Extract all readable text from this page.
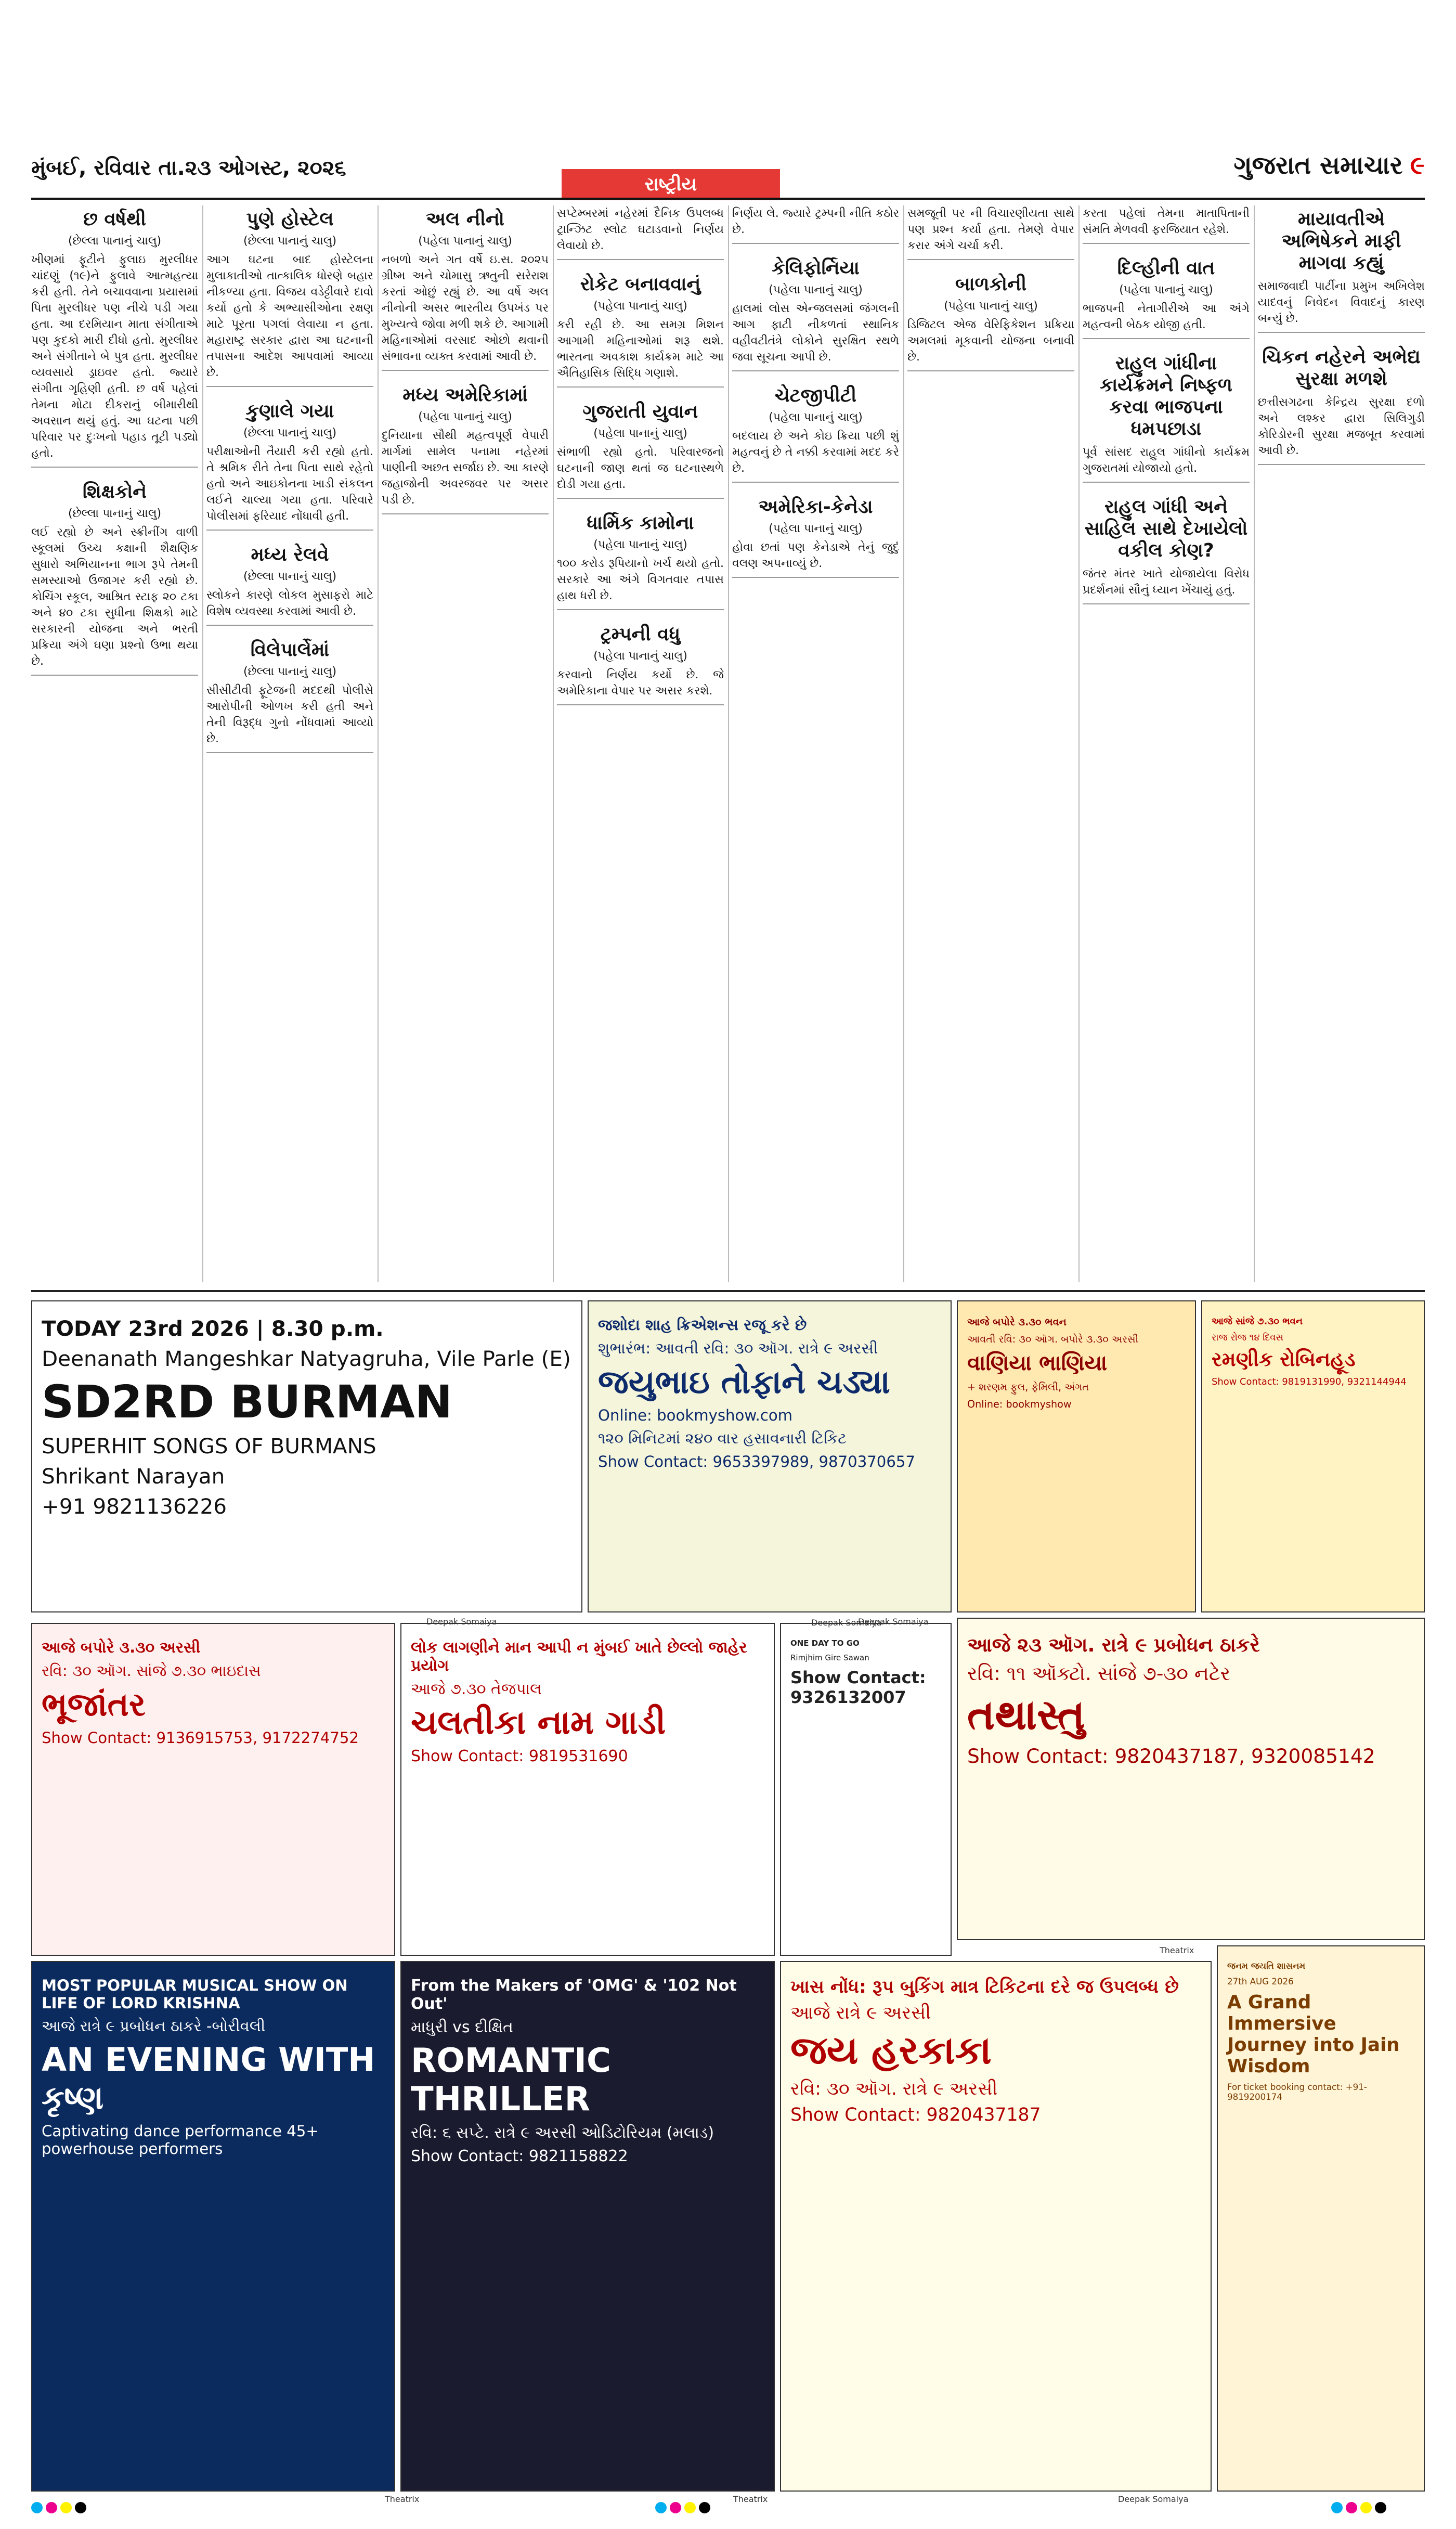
મુંબઈ, રવિવાર તા.૨૩ ઓગસ્ટ, ૨૦૨૬	ગુજરાત સમાચાર ૯
રાષ્ટ્રીય
છ વર્ષથી
(છેલ્લા પાનાનું ચાલુ)

ખીણમાં ફૂટીને ફુલાઇ મુરલીધર ચાંદણું (૧૯)ને ફુલાવે આત્મહત્યા કરી હતી. તેને બચાવવાના પ્રયાસમાં પિતા મુરલીધર પણ નીચે પડી ગયા હતા. આ દરમિયાન માતા સંગીતાએ પણ કુદકો મારી દીધો હતો. મુરલીધર અને સંગીતાને બે પુત્ર હતા. મુરલીધર વ્યવસાયે ડ્રાઇવર હતો. જ્યારે સંગીતા ગૃહિણી હતી. છ વર્ષ પહેલાં તેમના મોટા દીકરાનું બીમારીથી અવસાન થયું હતું. આ ઘટના પછી પરિવાર પર દુઃખનો પહાડ તૂટી પડ્યો હતો.

શિક્ષકોને
(છેલ્લા પાનાનું ચાલુ)

લઈ રહ્યો છે અને સ્ક્રીનીંગ વાળી સ્કૂલમાં ઉચ્ચ કક્ષાની શૈક્ષણિક સુધારો અભિયાનના ભાગ રૂપે તેમની સમસ્યાઓ ઉજાગર કરી રહ્યો છે. કોચિંગ સ્કૂલ, આશ્રિત સ્ટાફ ૨૦ ટકા અને ૪૦ ટકા સુધીના શિક્ષકો માટે સરકારની યોજના અને ભરતી પ્રક્રિયા અંગે ઘણા પ્રશ્નો ઉભા થયા છે.

પુણે હોસ્ટેલ
(છેલ્લા પાનાનું ચાલુ)

આગ ઘટના બાદ હોસ્ટેલના મુલાકાતીઓ તાત્કાલિક ધોરણે બહાર નીકળ્યા હતા. વિજય વડેટ્ટીવારે દાવો કર્યો હતો કે અભ્યાસીઓના રક્ષણ માટે પૂરતા પગલાં લેવાયા ન હતા. મહારાષ્ટ્ર સરકાર દ્વારા આ ઘટનાની તપાસના આદેશ આપવામાં આવ્યા છે.

કુણાલે ગયા
(છેલ્લા પાનાનું ચાલુ)

પરીક્ષાઓની તૈયારી કરી રહ્યો હતો. તે શ્રમિક રીતે તેના પિતા સાથે રહેતો હતો અને આઇકોનના ખાડી સંકલન લઈને ચાલ્યા ગયા હતા. પરિવારે પોલીસમાં ફરિયાદ નોંધાવી હતી.

મધ્ય રેલવે
(છેલ્લા પાનાનું ચાલુ)

સ્લોકને કારણે લોકલ મુસાફરો માટે વિશેષ વ્યવસ્થા કરવામાં આવી છે.

વિલેપાર્લેમાં
(છેલ્લા પાનાનું ચાલુ)

સીસીટીવી ફૂટેજની મદદથી પોલીસે આરોપીની ઓળખ કરી હતી અને તેની વિરૂદ્ધ ગુનો નોંધવામાં આવ્યો છે.

અલ નીનો
(પહેલા પાનાનું ચાલુ)

નબળો અને ગત વર્ષે ઇ.સ. ૨૦૨૫ ગ્રીષ્મ અને ચોમાસુ ઋતુની સરેરાશ કરતાં ઓછું રહ્યું છે. આ વર્ષે અલ નીનોની અસર ભારતીય ઉપખંડ પર મુખ્યત્વે જોવા મળી શકે છે. આગામી મહિનાઓમાં વરસાદ ઓછો થવાની સંભાવના વ્યક્ત કરવામાં આવી છે.

મધ્ય અમેરિકામાં
(પહેલા પાનાનું ચાલુ)

દુનિયાના સૌથી મહત્વપૂર્ણ વેપારી માર્ગમાં સામેલ પનામા નહેરમાં પાણીની અછત સર્જાઇ છે. આ કારણે જહાજોની અવરજવર પર અસર પડી છે.

સપ્ટેમ્બરમાં નહેરમાં દૈનિક ઉપલબ્ધ ટ્રાન્ઝિટ સ્લોટ ઘટાડવાનો નિર્ણય લેવાયો છે.

રોકેટ બનાવવાનું
(પહેલા પાનાનું ચાલુ)

કરી રહી છે. આ સમગ્ર મિશન આગામી મહિનાઓમાં શરૂ થશે. ભારતના અવકાશ કાર્યક્રમ માટે આ ઐતિહાસિક સિદ્ધિ ગણાશે.

ગુજરાતી યુવાન
(પહેલા પાનાનું ચાલુ)

સંભાળી રહ્યો હતો. પરિવારજનો ઘટનાની જાણ થતાં જ ઘટનાસ્થળે દોડી ગયા હતા.

ધાર્મિક કામોના
(પહેલા પાનાનું ચાલુ)

૧૦૦ કરોડ રૂપિયાનો ખર્ચ થયો હતો. સરકારે આ અંગે વિગતવાર તપાસ હાથ ધરી છે.

ટ્રમ્પની વધુ
(પહેલા પાનાનું ચાલુ)

કરવાનો નિર્ણય કર્યો છે. જે અમેરિકાના વેપાર પર અસર કરશે.

નિર્ણય લે. જ્યારે ટ્રમ્પની નીતિ કઠોર છે.

કેલિફોર્નિયા
(પહેલા પાનાનું ચાલુ)

હાલમાં લોસ એન્જલસમાં જંગલની આગ ફાટી નીકળતાં સ્થાનિક વહીવટીતંત્રે લોકોને સુરક્ષિત સ્થળે જવા સૂચના આપી છે.

ચેટજીપીટી
(પહેલા પાનાનું ચાલુ)

બદલાય છે અને કોઇ ક્રિયા પછી શું મહત્વનું છે તે નક્કી કરવામાં મદદ કરે છે.

અમેરિકા-કેનેડા
(પહેલા પાનાનું ચાલુ)

હોવા છતાં પણ કેનેડાએ તેનું જુદું વલણ અપનાવ્યું છે.

સમજૂતી પર ની વિચારણીયતા સાથે પણ પ્રશ્ન કર્યા હતા. તેમણે વેપાર કરાર અંગે ચર્ચા કરી.

બાળકોની
(પહેલા પાનાનું ચાલુ)

ડિજિટલ એજ વેરિફિકેશન પ્રક્રિયા અમલમાં મૂકવાની યોજના બનાવી છે.

કરતા પહેલાં તેમના માતાપિતાની સંમતિ મેળવવી ફરજિયાત રહેશે.

દિલ્હીની વાત
(પહેલા પાનાનું ચાલુ)

ભાજપની નેતાગીરીએ આ અંગે મહત્વની બેઠક યોજી હતી.

રાહુલ ગાંધીના કાર્યક્રમને નિષ્ફળ કરવા ભાજપના ધમપછાડા

પૂર્વ સાંસદ રાહુલ ગાંધીનો કાર્યક્રમ ગુજરાતમાં યોજાયો હતો.

રાહુલ ગાંધી અને સાહિલ સાથે દેખાયેલો વકીલ કોણ?

જંતર મંતર ખાતે યોજાયેલા વિરોધ પ્રદર્શનમાં સૌનું ધ્યાન ખેંચાયું હતું.

માયાવતીએ અભિષેકને માફી માગવા કહ્યું

સમાજવાદી પાર્ટીના પ્રમુખ અખિલેશ યાદવનું નિવેદન વિવાદનું કારણ બન્યું છે.

ચિકન નહેરને અભેદ્ય સુરક્ષા મળશે

છત્તીસગઢના કેન્દ્રિય સુરક્ષા દળો અને લશ્કર દ્વારા સિલિગુડી કોરિડોરની સુરક્ષા મજબૂત કરવામાં આવી છે.

TODAY 23rd 2026 | 8.30 p.m.
Deenanath Mangeshkar Natyagruha, Vile Parle (E)
SD2RD BURMAN
SUPERHIT SONGS OF BURMANS
Shrikant Narayan
+91 9821136226
જશોદા શાહ ક્રિએશન્સ રજૂ કરે છે
શુભારંભ: આવતી રવિ: ૩૦ ઑગ. રાત્રે ૯ અરસી
જયુભાઇ તોફાને ચડ્યા
Online: bookmyshow.com
૧૨૦ મિનિટમાં ૨૪૦ વાર હસાવનારી ટિકિટ
Show Contact: 9653397989, 9870370657
આજે બપોરે ૩.૩૦ ભવન
આવતી રવિ: ૩૦ ઑગ. બપોરે ૩.૩૦ અરસી
વાણિયા ભાણિયા
+ શરણમ ફુલ, ફેમિલી, અંગત
Online: bookmyshow
આજે સાંજે ૭.૩૦ ભવન
રાજ રોજ ૧૪ દિવસ
રમણીક રોબિનહૂડ
Show Contact: 9819131990, 9321144944
આજે ૨૩ ઑગ. રાત્રે ૯ પ્રબોધન ઠાકરે
રવિ: ૧૧ ઑક્ટો. સાંજે ૭-૩૦ નટેર
તથાસ્તુ
Show Contact: 9820437187, 9320085142
આજે બપોરે ૩.૩૦ અરસી
રવિ: ૩૦ ઑગ. સાંજે ૭.૩૦ ભાઇદાસ
ભૂજાંતર
Show Contact: 9136915753, 9172274752
લોક લાગણીને માન આપી ન મુંબઈ ખાતે છેલ્લો જાહેર પ્રયોગ
આજે ૭.૩૦ તેજપાલ
ચલતીકા નામ ગાડી
Show Contact: 9819531690
ONE DAY TO GO
Rimjhim Gire Sawan
Show Contact: 9326132007
ખાસ નોંધ: રૂપ બુકિંગ માત્ર ટિકિટના દરે જ ઉપલબ્ધ છે
આજે રાત્રે ૯ અરસી
જય હરકાકા
રવિ: ૩૦ ઑગ. રાત્રે ૯ અરસી
Show Contact: 9820437187
MOST POPULAR MUSICAL SHOW ON LIFE OF LORD KRISHNA
આજે રાત્રે ૯ પ્રબોધન ઠાકરે -બોરીવલી
AN EVENING WITH કૃષ્ણ
Captivating dance performance 45+ powerhouse performers
From the Makers of 'OMG' & '102 Not Out'
માધુરી vs દીક્ષિત
ROMANTIC THRILLER
રવિ: ૬ સપ્ટે. રાત્રે ૯ અરસી ઓડિટોરિયમ (મલાડ)
Show Contact: 9821158822
જનમ જયતિ શાસનમ
27th AUG 2026
A Grand Immersive Journey into Jain Wisdom
For ticket booking contact: +91-9819200174
Deepak Somaiya	Deepak Somaiya
Theatrix	Theatrix	Deepak Somaiya
Theatrix
Deepak Somaiya
